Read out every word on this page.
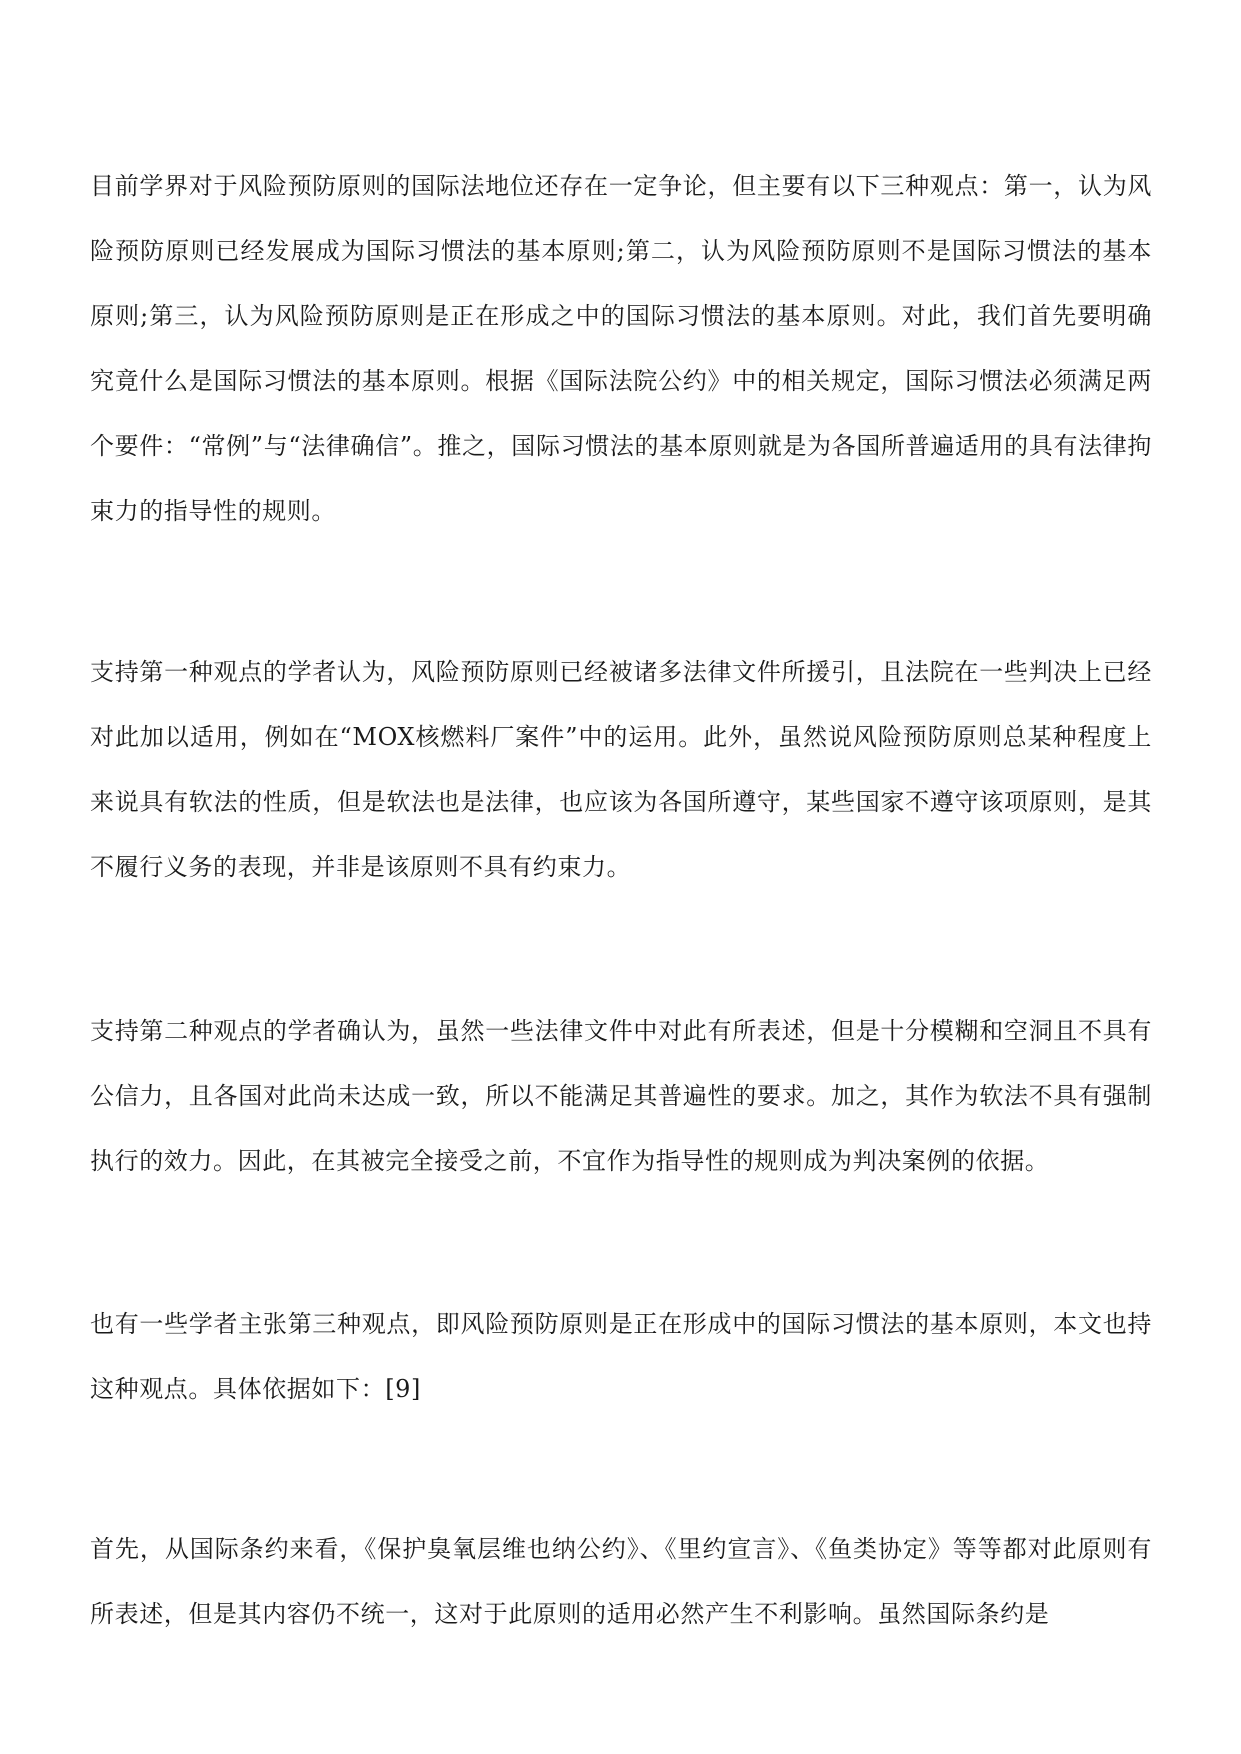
目前学界对于风险预防原则的国际法地位还存在一定争论，但主要有以下三种观点：第一，认为风险预防原则已经发展成为国际习惯法的基本原则;第二，认为风险预防原则不是国际习惯法的基本原则;第三，认为风险预防原则是正在形成之中的国际习惯法的基本原则。对此，我们首先要明确究竟什么是国际习惯法的基本原则。根据《国际法院公约》中的相关规定，国际习惯法必须满足两个要件：“常例”与“法律确信”。推之，国际习惯法的基本原则就是为各国所普遍适用的具有法律拘束力的指导性的规则。

支持第一种观点的学者认为，风险预防原则已经被诸多法律文件所援引，且法院在一些判决上已经对此加以适用，例如在“MOX核燃料厂案件”中的运用。此外，虽然说风险预防原则总某种程度上来说具有软法的性质，但是软法也是法律，也应该为各国所遵守，某些国家不遵守该项原则，是其不履行义务的表现，并非是该原则不具有约束力。

支持第二种观点的学者确认为，虽然一些法律文件中对此有所表述，但是十分模糊和空洞且不具有公信力，且各国对此尚未达成一致，所以不能满足其普遍性的要求。加之，其作为软法不具有强制执行的效力。因此，在其被完全接受之前，不宜作为指导性的规则成为判决案例的依据。

也有一些学者主张第三种观点，即风险预防原则是正在形成中的国际习惯法的基本原则，本文也持这种观点。具体依据如下：[9]

首先，从国际条约来看，《保护臭氧层维也纳公约》、《里约宣言》、《鱼类协定》等等都对此原则有所表述，但是其内容仍不统一，这对于此原则的适用必然产生不利影响。虽然国际条约是
